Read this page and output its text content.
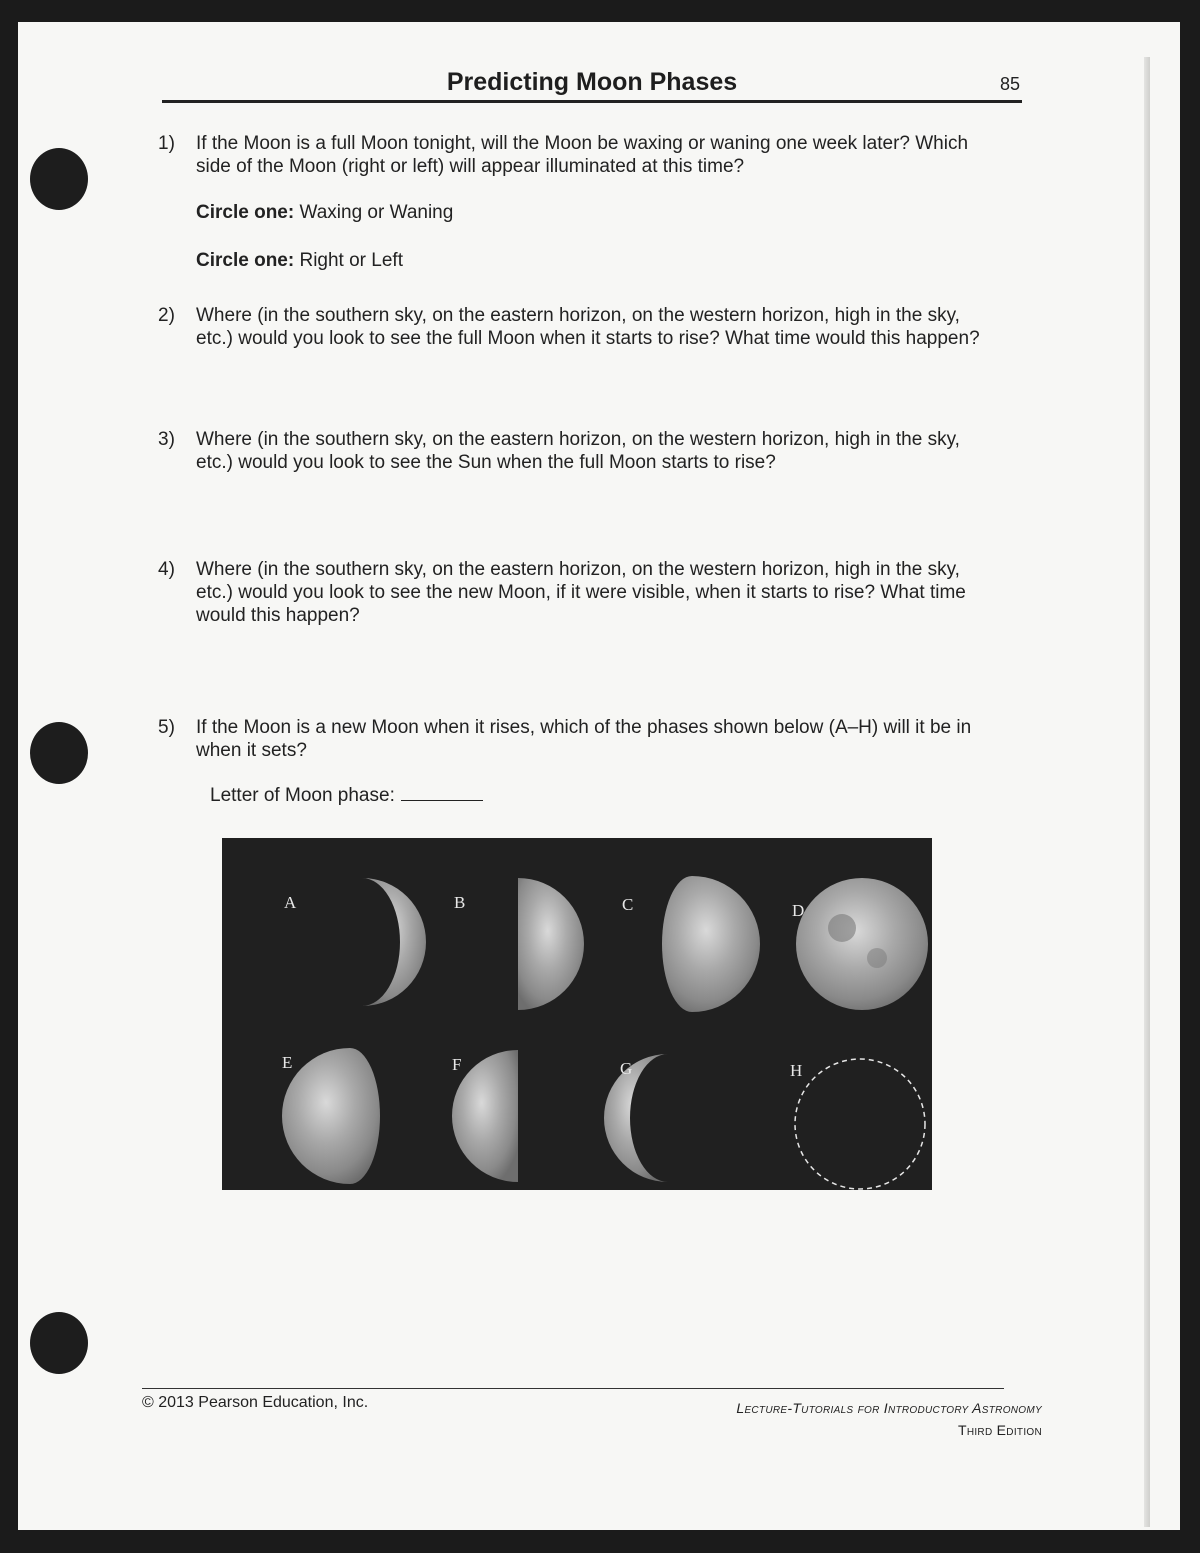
Predicting Moon Phases	85
1) If the Moon is a full Moon tonight, will the Moon be waxing or waning one week later? Which side of the Moon (right or left) will appear illuminated at this time?
Circle one: Waxing or Waning
Circle one: Right or Left
2) Where (in the southern sky, on the eastern horizon, on the western horizon, high in the sky, etc.) would you look to see the full Moon when it starts to rise? What time would this happen?
3) Where (in the southern sky, on the eastern horizon, on the western horizon, high in the sky, etc.) would you look to see the Sun when the full Moon starts to rise?
4) Where (in the southern sky, on the eastern horizon, on the western horizon, high in the sky, etc.) would you look to see the new Moon, if it were visible, when it starts to rise? What time would this happen?
5) If the Moon is a new Moon when it rises, which of the phases shown below (A–H) will it be in when it sets?
Letter of Moon phase:
A	B	C	D
E	F	G	H
© 2013 Pearson Education, Inc.	Lecture-Tutorials for Introductory Astronomy
Third Edition
